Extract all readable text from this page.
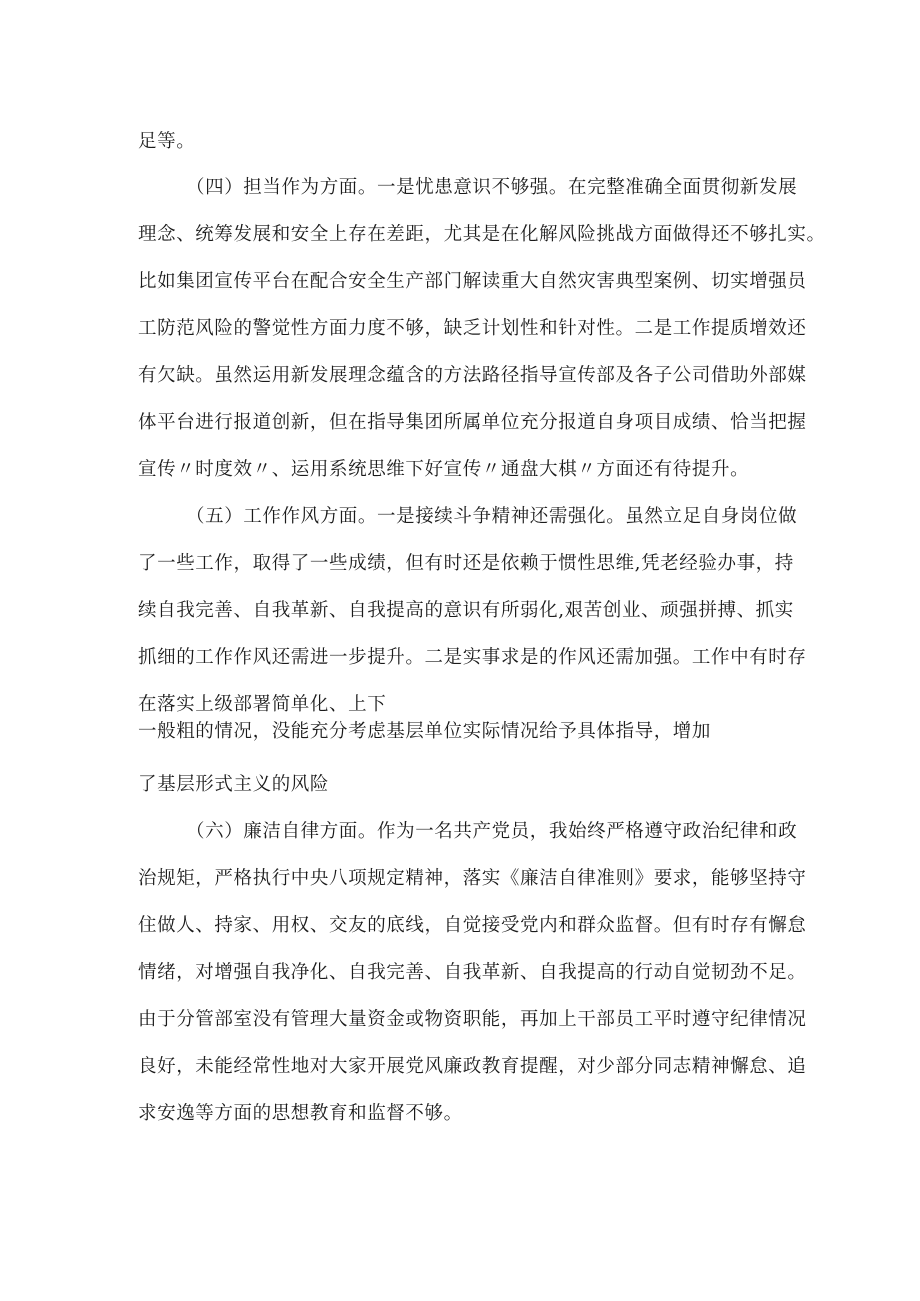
足等。
（四）担当作为方面。一是忧患意识不够强。在完整准确全面贯彻新发展
理念、统筹发展和安全上存在差距，尤其是在化解风险挑战方面做得还不够扎实。
比如集团宣传平台在配合安全生产部门解读重大自然灾害典型案例、切实增强员
工防范风险的警觉性方面力度不够，缺乏计划性和针对性。二是工作提质增效还
有欠缺。虽然运用新发展理念蕴含的方法路径指导宣传部及各子公司借助外部媒
体平台进行报道创新，但在指导集团所属单位充分报道自身项目成绩、恰当把握
宣传〃时度效〃、运用系统思维下好宣传〃通盘大棋〃方面还有待提升。
（五）工作作风方面。一是接续斗争精神还需强化。虽然立足自身岗位做
了一些工作，取得了一些成绩，但有时还是依赖于惯性思维,凭老经验办事，持
续自我完善、自我革新、自我提高的意识有所弱化,艰苦创业、顽强拼搏、抓实
抓细的工作作风还需进一步提升。二是实事求是的作风还需加强。工作中有时存
在落实上级部署简单化、上下
一般粗的情况，没能充分考虑基层单位实际情况给予具体指导，增加
了基层形式主义的风险
（六）廉洁自律方面。作为一名共产党员，我始终严格遵守政治纪律和政
治规矩，严格执行中央八项规定精神，落实《廉洁自律准则》要求，能够坚持守
住做人、持家、用权、交友的底线，自觉接受党内和群众监督。但有时存有懈怠
情绪，对增强自我净化、自我完善、自我革新、自我提高的行动自觉韧劲不足。
由于分管部室没有管理大量资金或物资职能，再加上干部员工平时遵守纪律情况
良好，未能经常性地对大家开展党风廉政教育提醒，对少部分同志精神懈怠、追
求安逸等方面的思想教育和监督不够。
